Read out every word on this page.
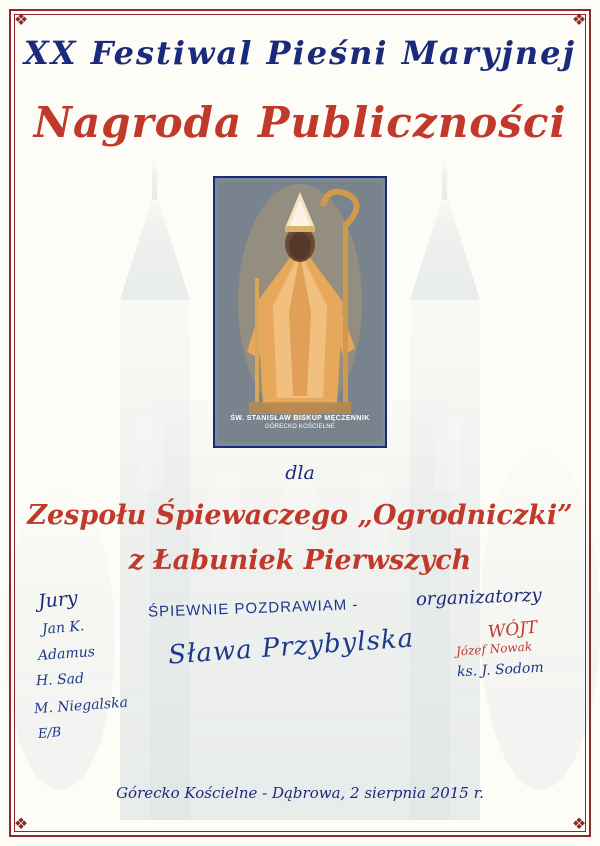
❖	❖
❖	❖
XX Festiwal Pieśni Maryjnej
Nagroda Publiczności
ŚW. STANISŁAW BISKUP MĘCZENNIK
GÓRECKO KOŚCIELNE
dla
Zespołu Śpiewaczego „Ogrodniczki”
z Łabuniek Pierwszych
Jury	organizatorzy
ŚPIEWNIE POZDRAWIAM -
Sława Przybylska
Jan K.
Adamus
H. Sad
M. Niegalska
E/B
WÓJT
Józef Nowak
ks. J. Sodom
Górecko Kościelne - Dąbrowa, 2 sierpnia 2015 r.
